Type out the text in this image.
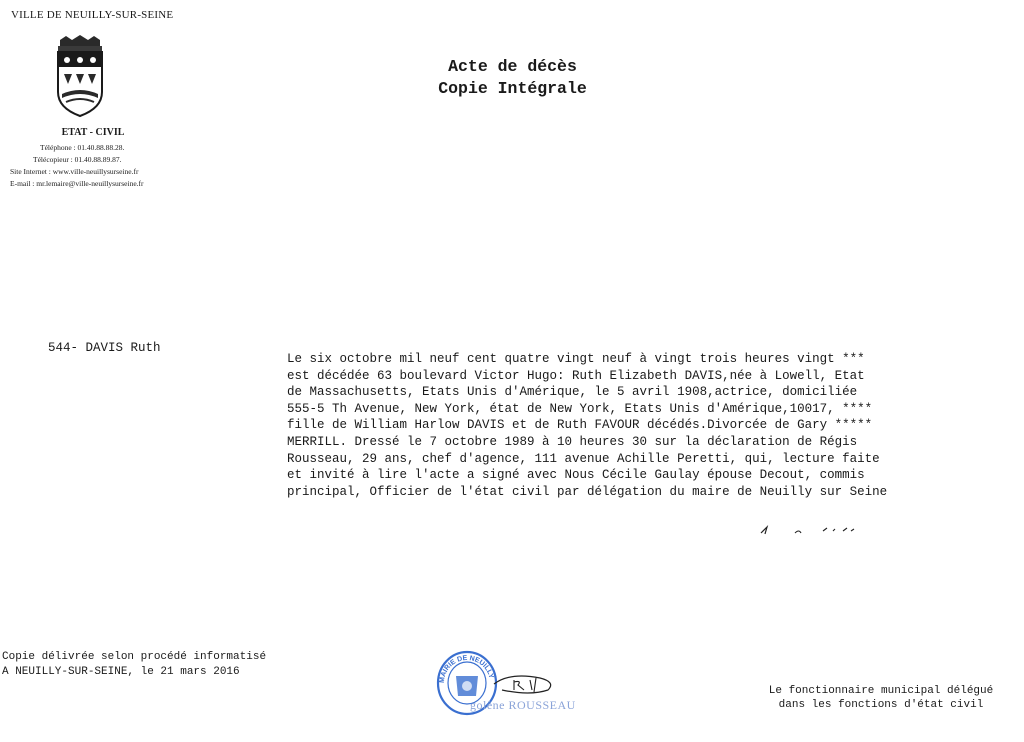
VILLE DE NEUILLY-SUR-SEINE
ETAT - CIVIL
Téléphone : 01.40.88.88.28.
Télécopieur : 01.40.88.89.87.
Site Internet : www.ville-neuillysurseine.fr
E-mail : mr.lemaire@ville-neuillysurseine.fr
Acte de décès
Copie Intégrale
544- DAVIS Ruth
Le six octobre mil neuf cent quatre vingt neuf à vingt trois heures vingt ***
est décédée 63 boulevard Victor Hugo: Ruth Elizabeth DAVIS,née à Lowell, Etat
de Massachusetts, Etats Unis d'Amérique, le 5 avril 1908,actrice, domiciliée
555-5 Th Avenue, New York, état de New York, Etats Unis d'Amérique,10017, ****
fille de William Harlow DAVIS et de Ruth FAVOUR décédés.Divorcée de Gary *****
MERRILL. Dressé le 7 octobre 1989 à 10 heures 30 sur la déclaration de Régis
Rousseau, 29 ans, chef d'agence, 111 avenue Achille Peretti, qui, lecture faite
et invité à lire l'acte a signé avec Nous Cécile Gaulay épouse Decout, commis
principal, Officier de l'état civil par délégation du maire de Neuilly sur Seine
Copie délivrée selon procédé informatisé
A NEUILLY-SUR-SEINE, le 21 mars 2016
MAIRIE DE NEUILLY
golène ROUSSEAU
Le fonctionnaire municipal délégué
dans les fonctions d'état civil
